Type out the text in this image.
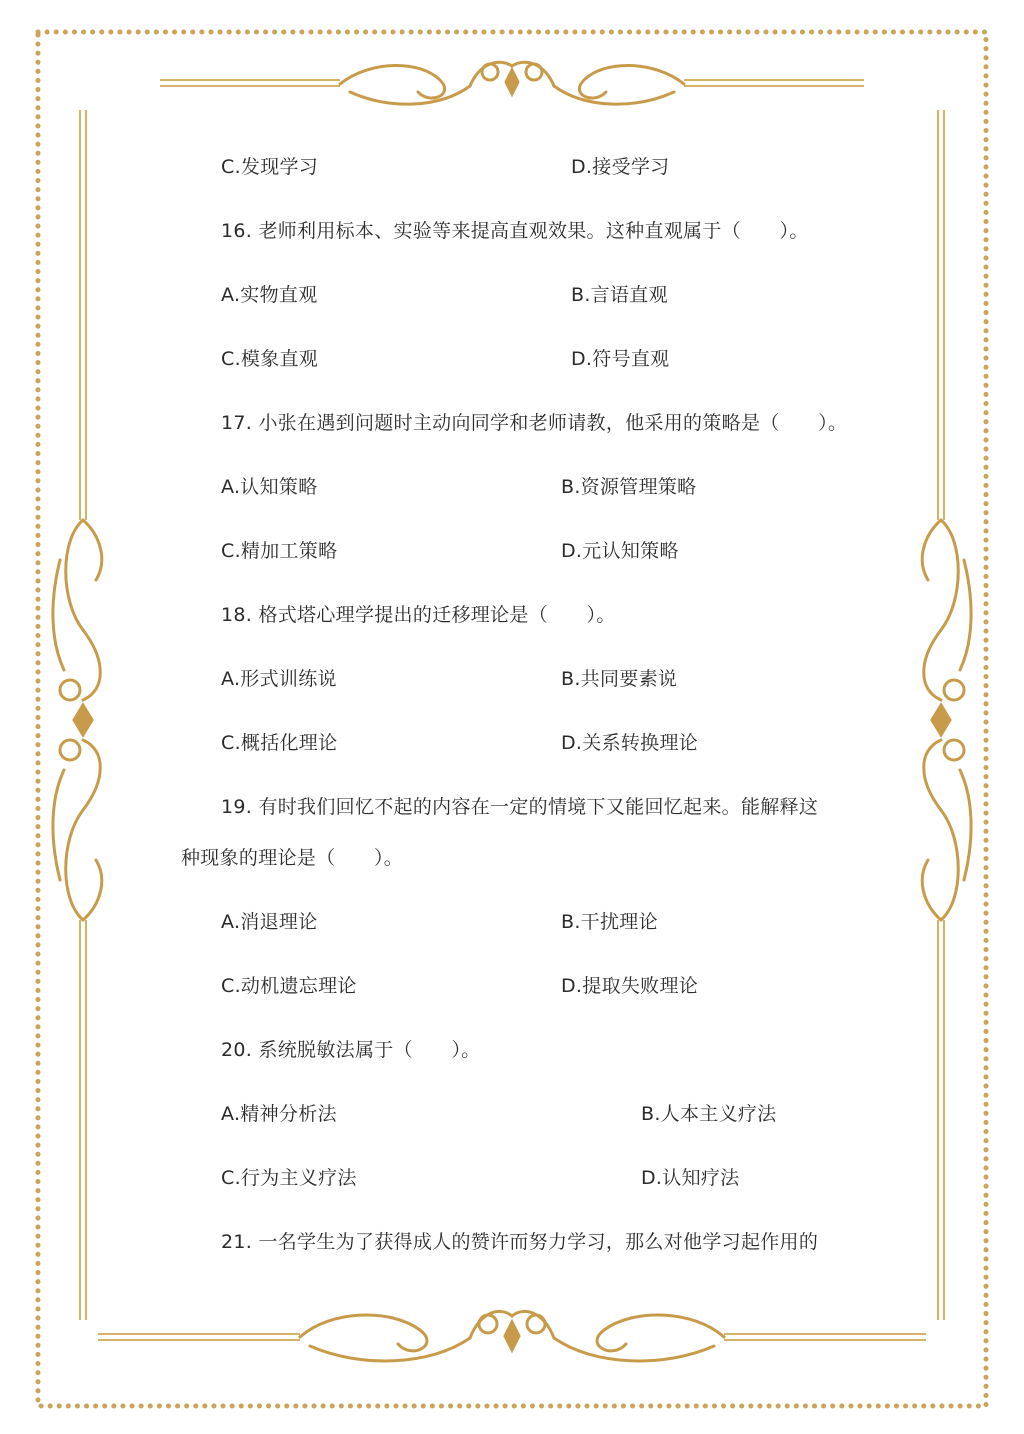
C.发现学习	D.接受学习
16. 老师利用标本、实验等来提高直观效果。这种直观属于（　　）。
A.实物直观	B.言语直观
C.模象直观	D.符号直观
17. 小张在遇到问题时主动向同学和老师请教，他采用的策略是（　　）。
A.认知策略	B.资源管理策略
C.精加工策略	D.元认知策略
18. 格式塔心理学提出的迁移理论是（　　）。
A.形式训练说	B.共同要素说
C.概括化理论	D.关系转换理论
19. 有时我们回忆不起的内容在一定的情境下又能回忆起来。能解释这
种现象的理论是（　　）。
A.消退理论	B.干扰理论
C.动机遗忘理论	D.提取失败理论
20. 系统脱敏法属于（　　）。
A.精神分析法	B.人本主义疗法
C.行为主义疗法	D.认知疗法
21. 一名学生为了获得成人的赞许而努力学习，那么对他学习起作用的
